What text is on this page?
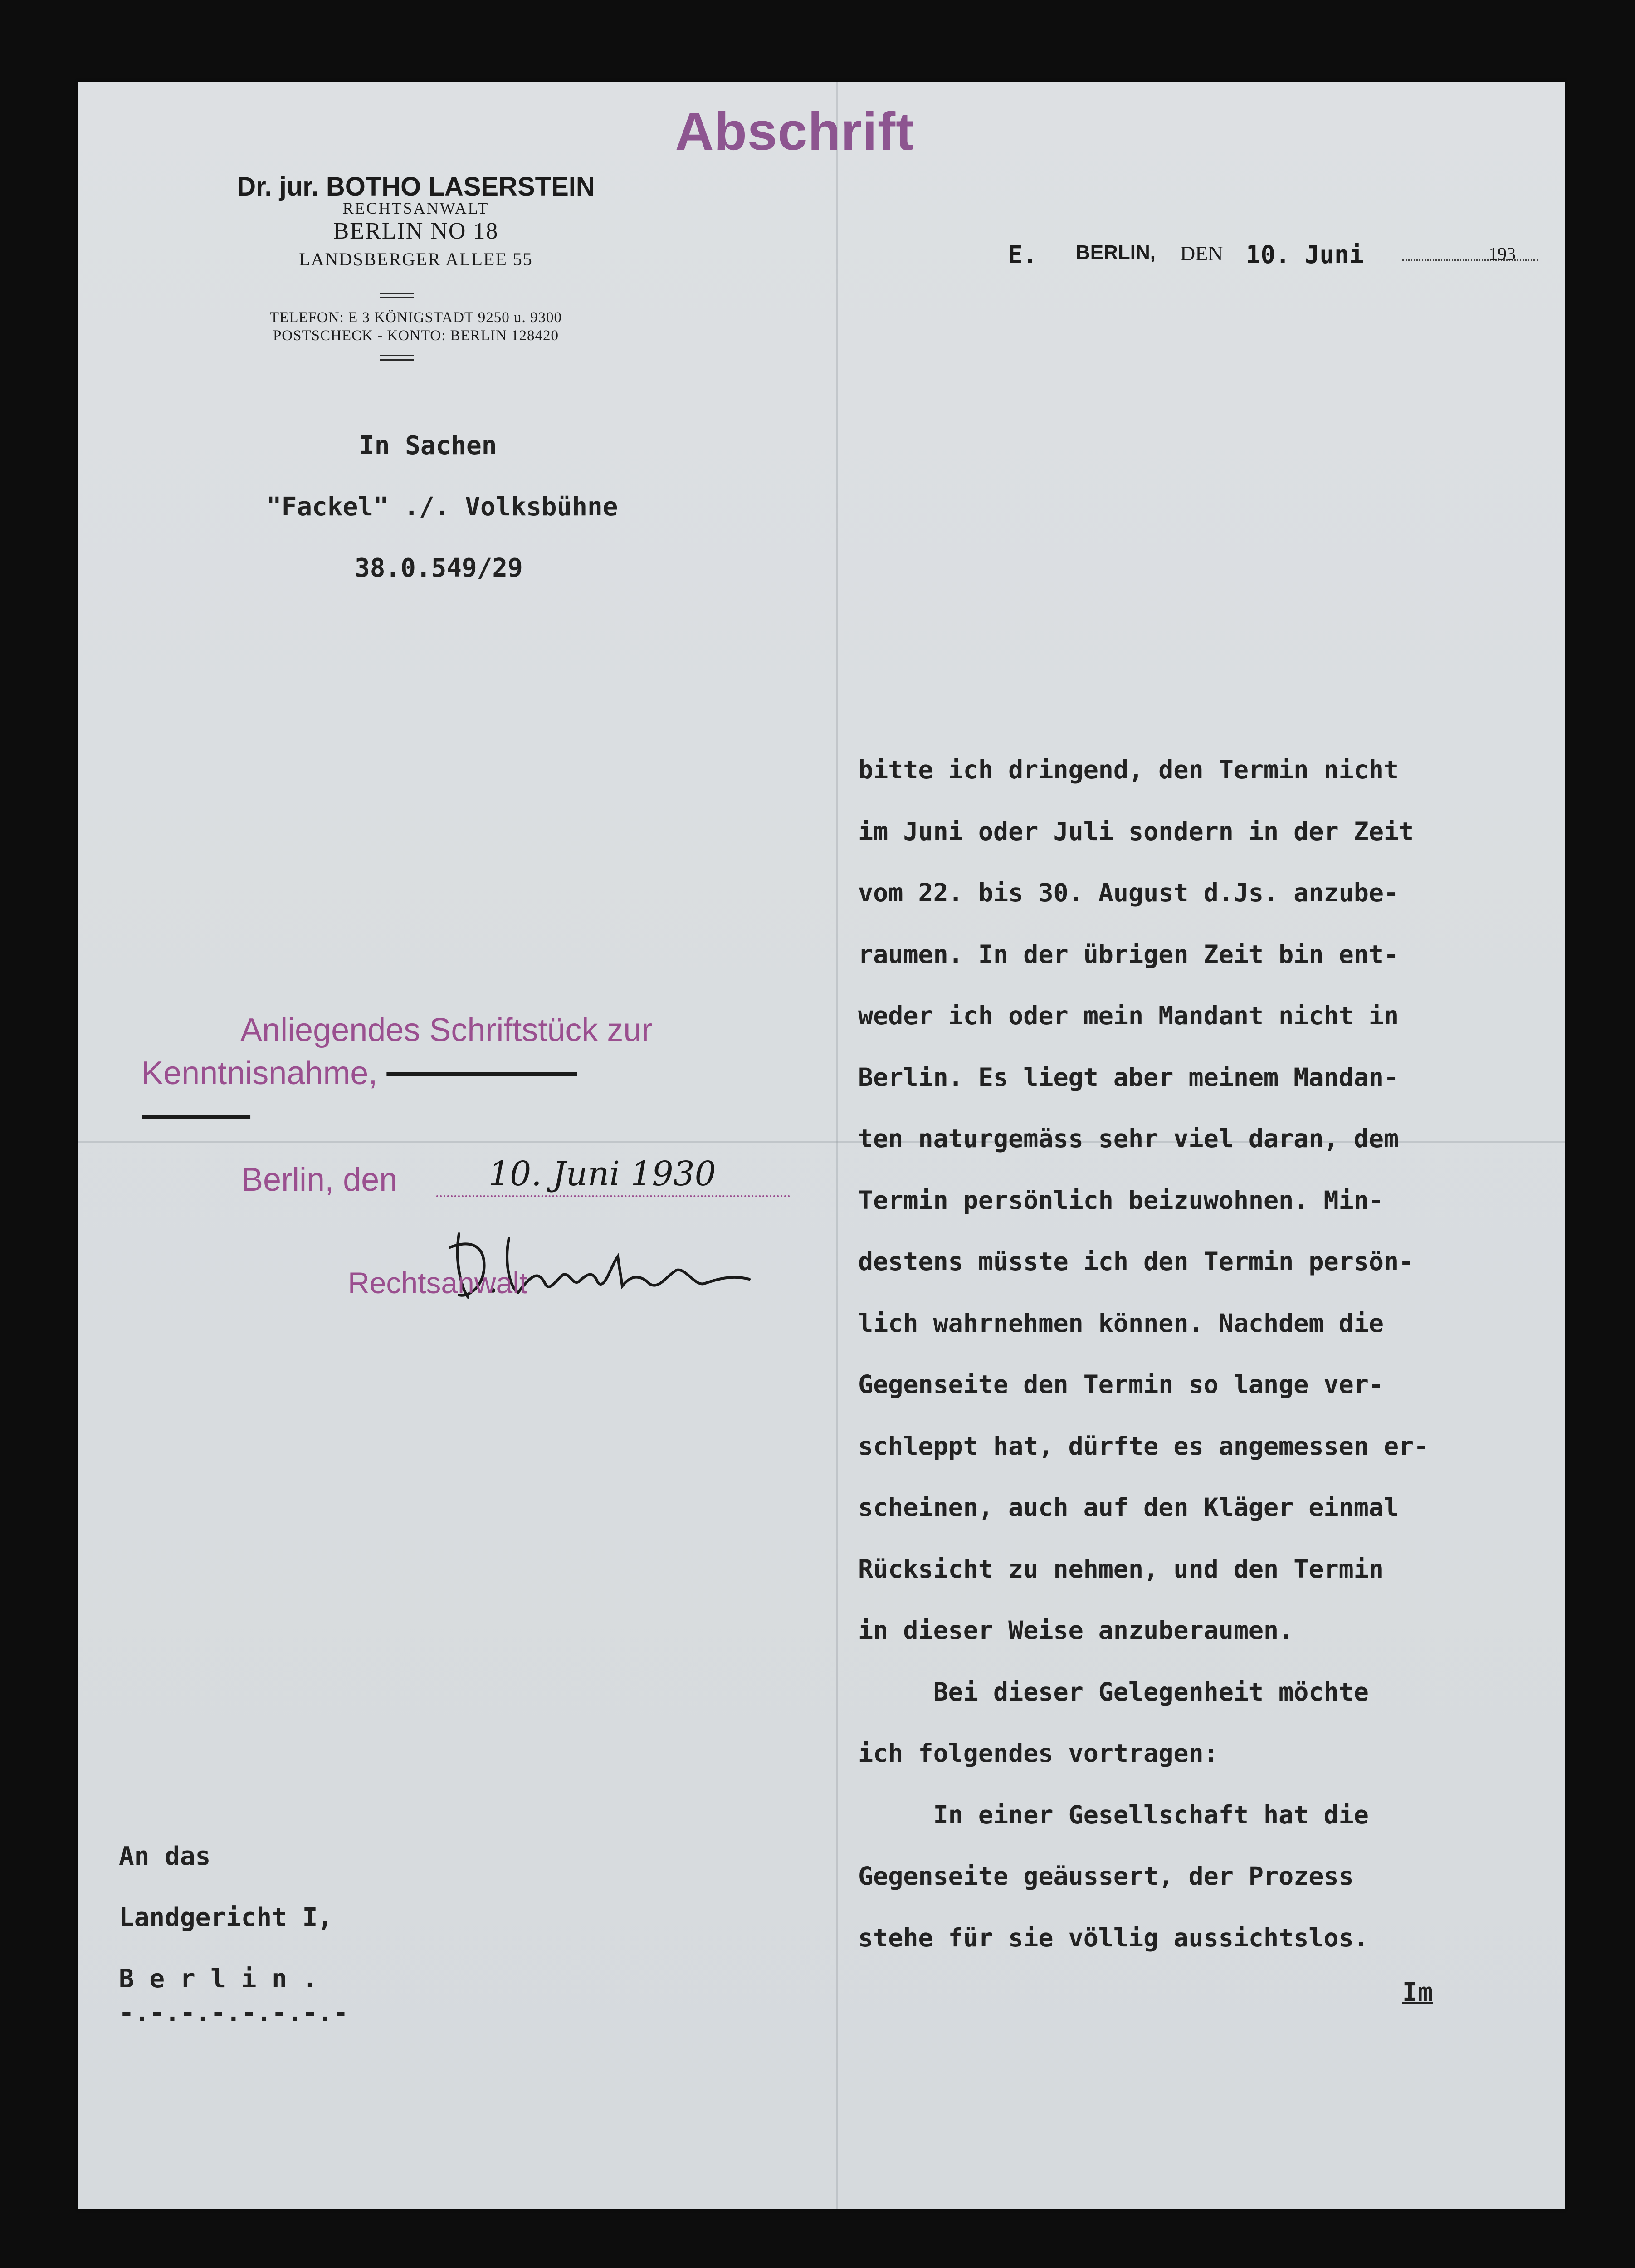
Abschrift
Dr. jur. BOTHO LASERSTEIN
RECHTSANWALT
BERLIN NO 18
LANDSBERGER ALLEE 55
TELEFON: E 3 KÖNIGSTADT 9250 u. 9300
POSTSCHECK - KONTO: BERLIN 128420
E. BERLIN, DEN 10. Juni	193
In Sachen
"Fackel" ./. Volksbühne
38.0.549/29
bitte ich dringend, den Termin nicht
im Juni oder Juli sondern in der Zeit
vom 22. bis 30. August d.Js. anzube-
raumen. In der übrigen Zeit bin ent-
weder ich oder mein Mandant nicht in
Berlin. Es liegt aber meinem Mandan-
ten naturgemäss sehr viel daran, dem
Termin persönlich beizuwohnen. Min-
destens müsste ich den Termin persön-
lich wahrnehmen können. Nachdem die
Gegenseite den Termin so lange ver-
schleppt hat, dürfte es angemessen er-
scheinen, auch auf den Kläger einmal
Rücksicht zu nehmen, und den Termin
in dieser Weise anzuberaumen.
Bei dieser Gelegenheit möchte
ich folgendes vortragen:
In einer Gesellschaft hat die
Gegenseite geäussert, der Prozess
stehe für sie völlig aussichtslos.
Im
Anliegendes Schriftstück zur
Kenntnisnahme,

Berlin, den	10. Juni 1930
Rechtsanwalt
An das
Landgericht I,
B e r l i n .
-.-.-.-.-.-.-.-
